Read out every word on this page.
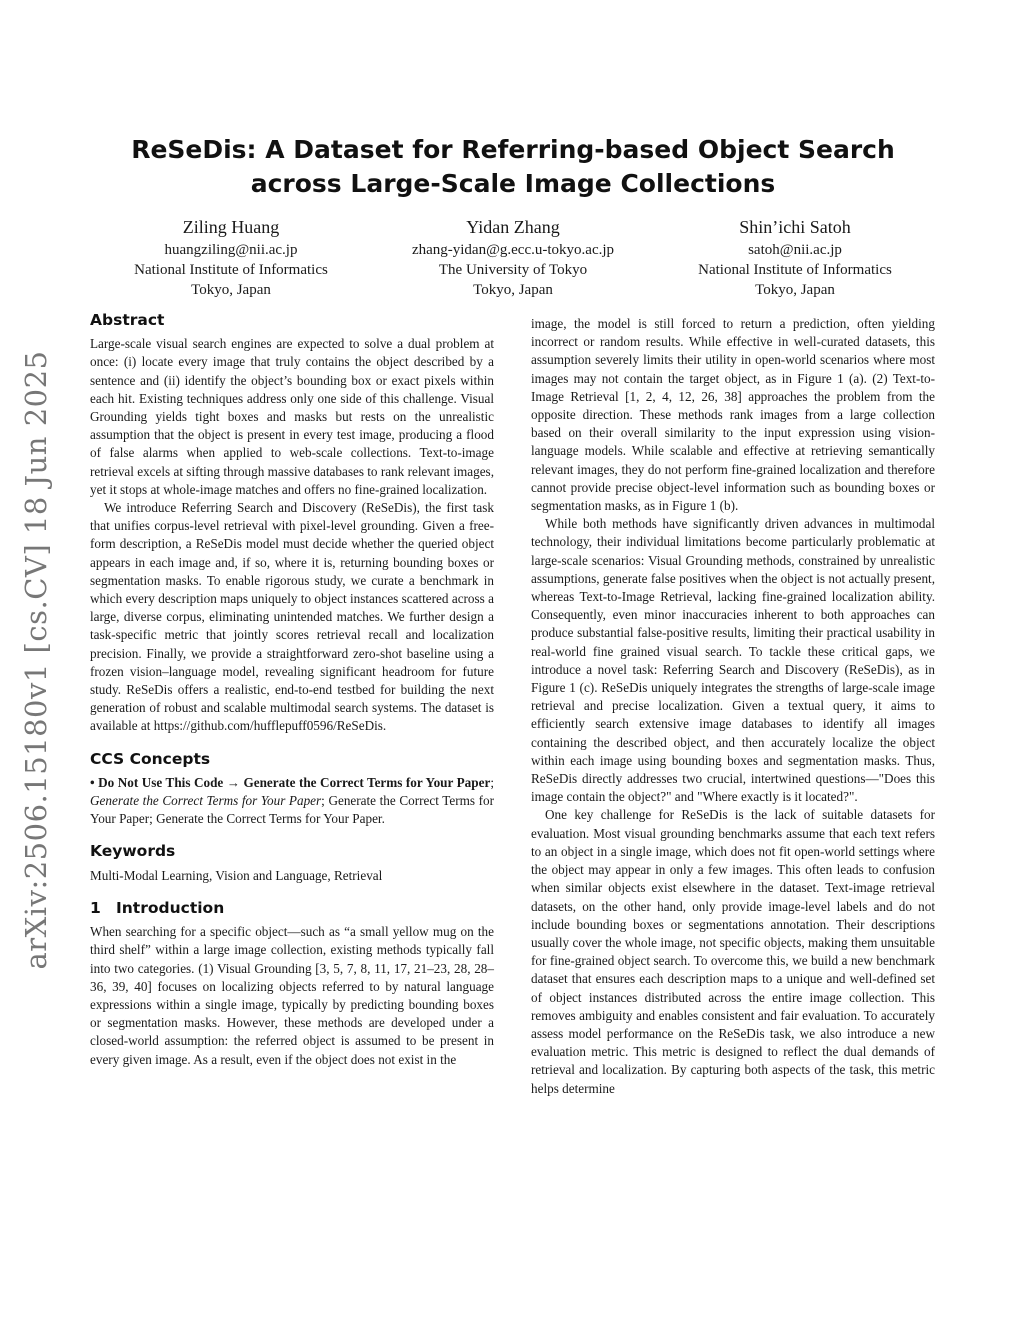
arXiv:2506.15180v1 [cs.CV] 18 Jun 2025
ReSeDis: A Dataset for Referring-based Object Search across Large-Scale Image Collections
Ziling Huang
huangziling@nii.ac.jp
National Institute of Informatics
Tokyo, Japan
Yidan Zhang
zhang-yidan@g.ecc.u-tokyo.ac.jp
The University of Tokyo
Tokyo, Japan
Shin’ichi Satoh
satoh@nii.ac.jp
National Institute of Informatics
Tokyo, Japan
Abstract

Large-scale visual search engines are expected to solve a dual problem at once: (i) locate every image that truly contains the object described by a sentence and (ii) identify the object’s bounding box or exact pixels within each hit. Existing techniques address only one side of this challenge. Visual Grounding yields tight boxes and masks but rests on the unrealistic assumption that the object is present in every test image, producing a flood of false alarms when applied to web-scale collections. Text-to-image retrieval excels at sifting through massive databases to rank relevant images, yet it stops at whole-image matches and offers no fine-grained localization.

We introduce Referring Search and Discovery (ReSeDis), the first task that unifies corpus-level retrieval with pixel-level grounding. Given a free-form description, a ReSeDis model must decide whether the queried object appears in each image and, if so, where it is, returning bounding boxes or segmentation masks. To enable rigorous study, we curate a benchmark in which every description maps uniquely to object instances scattered across a large, diverse corpus, eliminating unintended matches. We further design a task-specific metric that jointly scores retrieval recall and localization precision. Finally, we provide a straightforward zero-shot baseline using a frozen vision–language model, revealing significant headroom for future study. ReSeDis offers a realistic, end-to-end testbed for building the next generation of robust and scalable multimodal search systems. The dataset is available at https://github.com/hufflepuff0596/ReSeDis.

CCS Concepts

• Do Not Use This Code → Generate the Correct Terms for Your Paper; Generate the Correct Terms for Your Paper; Generate the Correct Terms for Your Paper; Generate the Correct Terms for Your Paper.

Keywords

Multi-Modal Learning, Vision and Language, Retrieval

1 Introduction

When searching for a specific object—such as “a small yellow mug on the third shelf” within a large image collection, existing methods typically fall into two categories. (1) Visual Grounding [3, 5, 7, 8, 11, 17, 21–23, 28, 28–36, 39, 40] focuses on localizing objects referred to by natural language expressions within a single image, typically by predicting bounding boxes or segmentation masks. However, these methods are developed under a closed-world assumption: the referred object is assumed to be present in every given image. As a result, even if the object does not exist in the

image, the model is still forced to return a prediction, often yielding incorrect or random results. While effective in well-curated datasets, this assumption severely limits their utility in open-world scenarios where most images may not contain the target object, as in Figure 1 (a). (2) Text-to-Image Retrieval [1, 2, 4, 12, 26, 38] approaches the problem from the opposite direction. These methods rank images from a large collection based on their overall similarity to the input expression using vision-language models. While scalable and effective at retrieving semantically relevant images, they do not perform fine-grained localization and therefore cannot provide precise object-level information such as bounding boxes or segmentation masks, as in Figure 1 (b).

While both methods have significantly driven advances in multimodal technology, their individual limitations become particularly problematic at large-scale scenarios: Visual Grounding methods, constrained by unrealistic assumptions, generate false positives when the object is not actually present, whereas Text-to-Image Retrieval, lacking fine-grained localization ability. Consequently, even minor inaccuracies inherent to both approaches can produce substantial false-positive results, limiting their practical usability in real-world fine grained visual search. To tackle these critical gaps, we introduce a novel task: Referring Search and Discovery (ReSeDis), as in Figure 1 (c). ReSeDis uniquely integrates the strengths of large-scale image retrieval and precise localization. Given a textual query, it aims to efficiently search extensive image databases to identify all images containing the described object, and then accurately localize the object within each image using bounding boxes and segmentation masks. Thus, ReSeDis directly addresses two crucial, intertwined questions—"Does this image contain the object?" and "Where exactly is it located?".

One key challenge for ReSeDis is the lack of suitable datasets for evaluation. Most visual grounding benchmarks assume that each text refers to an object in a single image, which does not fit open-world settings where the object may appear in only a few images. This often leads to confusion when similar objects exist elsewhere in the dataset. Text-image retrieval datasets, on the other hand, only provide image-level labels and do not include bounding boxes or segmentations annotation. Their descriptions usually cover the whole image, not specific objects, making them unsuitable for fine-grained object search. To overcome this, we build a new benchmark dataset that ensures each description maps to a unique and well-defined set of object instances distributed across the entire image collection. This removes ambiguity and enables consistent and fair evaluation. To accurately assess model performance on the ReSeDis task, we also introduce a new evaluation metric. This metric is designed to reflect the dual demands of retrieval and localization. By capturing both aspects of the task, this metric helps determine
